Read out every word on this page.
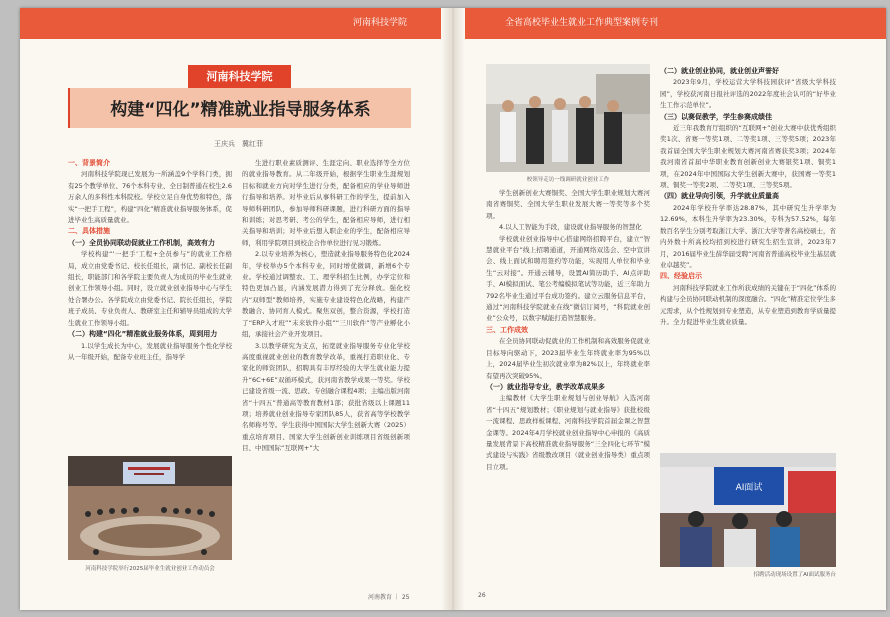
河南科技学院	全省高校毕业生就业工作典型案例专刊
河南科技学院
构建“四化”精准就业指导服务体系
王庆兵　冀红菲

一、背景简介

河南科技学院现已发展为一所涵盖9个学科门类，拥有25个教学单位、76个本科专业、全日制普通在校生2.6万余人的多科性本科院校。学校立足自身优势和特色，落实“一把手工程”，构建“四化”精准就业指导服务体系，促进毕业生高质量就业。

二、具体措施

（一）全员协同联动促就业工作机制，高效有力

学校构建“‘一把手’工程+全员参与”的就业工作格局，成立由党委书记、校长任组长，副书记、副校长任副组长，职能部门和各学院主要负责人为成员的毕业生就业创业工作领导小组。同时，设立就业创业指导中心与学生处合署办公。各学院成立由党委书记、院长任组长，学院班子成员、专业负责人、教研室主任和辅导员组成的大学生就业工作领导小组。

（二）构建“四化”精准就业服务体系，周到用力

1.以学生成长为中心，发展就业指导服务个性化学校从一年级开始，配备专业班主任，指导学

生进行职业素质测评、生涯定向、职业选择等全方位的就业指导教育。从二年级开始，根据学生职业生涯规划目标和就业方向对学生进行分类，配备相应的学业导师进行指导和培养。对毕业后从事科研工作的学生，提前加入导师科研团队，参加导师科研课题，进行科研方面的指导和训练；对思考研、考公的学生，配备相应导师，进行相关指导和培训；对毕业后想入职企业的学生，配备相应导师，利用学院项目到校企合作单位进行见习锻炼。

2.以专业培养为核心，塑造就业指导服务特色化2024年，学校举办5个本科专业，同时增优微调，新增6个专业。学校通过调整农、工、理学科招生比例，办学定位和特色更加凸显，内涵发展潜力得到了充分释放。强化校内“双师型”教师培养，实施专业建设特色化战略，构建产教融合、协同育人模式。聚焦双创，整合资源，学校打造了“ERP入才班”“未来软件小组”“三川软件”等产业孵化小组，承接社会产业开发项目。

3.以教学研究为支点，拓宽就业指导服务专业化学校高度重视就业创业的教育教学改革，重视打造职业化、专家化的师资团队，招聘具有丰厚经验的大学生就业能力提升“6C+6E”双循环模式，获河南省教学成果一等奖。学校已建设省级一流、思政、专创融合课程4项；主编出版河南省“十四五”普通高等教育教材1部；获批省级以上课题11项；培养就业创业指导专家团队85人，获省高等学校教学名师称号等。学生获得中国国际大学生创新大赛（2025）重点培育项目、国家大学生创新创业训练项目省级创新项目、中国国际“互联网+”大

河南科技学院举行2025届毕业生就业创业工作动员会
河南教育 ｜ 25
校领导走访一线调研就业创业工作

学生创新创业大赛铜奖、全国大学生职业规划大赛河南省赛铜奖、全国大学生职业发展大赛一等奖等多个奖项。

4.以人工智能为手段，建设就业指导服务的智慧化

学校就业创业指导中心搭建网络招聘平台，建立“智慧就业平台”线上招聘通道，开通网络双选会、空中宣讲会、线上面试和聘用签约等功能，实现用人单位和毕业生“云对接”。开通云辅导，设置AI简历助手、AI点评助手、AI模拟面试、笔公考编模拟笔试等功能，近三年助力792名毕业生通过平台成功签约。建立云服务信息平台，通过“河南科技学院就业在线”微信订阅号，“科院就业创业”公众号，以数字赋能打造智慧服务。

三、工作成效

在全员协同联动促就业的工作机制和高效服务促就业目标导向驱动下，2023届毕业生年终就业率为95%以上，2024届毕业生初次就业率为82%以上，年终就业率有望再次突破95%。

（一）就业指导专业，教学改革成果多

主编教材《大学生职业规划与创业导航》入选河南省“十四五”规划教材；《职业规划与就业指导》获批校级一流课程、思政样板课程、河南科技学院首届金课之智慧金课等。2024年4月学校就业创业指导中心申报的《高质量发展背景下高校精准就业指导服务“三全四化七环节”模式建设与实践》省级教改项目（就业创业指导类）重点项目立项。

（二）就业创业协同，就业创业声誉好

2023年9月，学校运营大学科技园获评“省级大学科技园”，学校获河南日报社评选的2022年度社会认可的“好毕业生工作示范单位”。

（三）以赛促教学，学生参赛成绩佳

近三年我教育厅组织的“互联网+”创业大赛中获优秀组织奖1次、省赛一等奖1项、二等奖1项、三等奖5项；2023年我首届全国大学生职业规划大赛河南省赛获奖3项；2024年我河南省首届中华职业教育创新创业大赛银奖1项、铜奖1项，在2024年中国国际大学生创新大赛中，获国赛一等奖1项、铜奖一等奖2项、二等奖1项、三等奖5项。

（四）就业导向引领，升学就业质量高

2024年学校升学率达28.87%，其中研究生升学率为12.69%，本科生升学率为23.30%，专科为57.52%，每年数百名学生分别考取浙江大学、浙江大学等著名高校硕士，省内外数十所高校均招到校进行研究生招生宣讲，2023年7月，2016届毕业生薛华届受聘“河南省普通高校毕业生基层就业卓越奖”。

四、经验启示

河南科技学院就业工作所获成绩的关键在于“四化”体系的构建与全员协同联动机制的深度融合。“四化”精准定位学生多元需求，从个性规划到专业塑造，从专业塑造到教育学质量提升。全力促进毕业生就业质量。

AI面试
招聘活动现场设置了AI面试服务台
26
